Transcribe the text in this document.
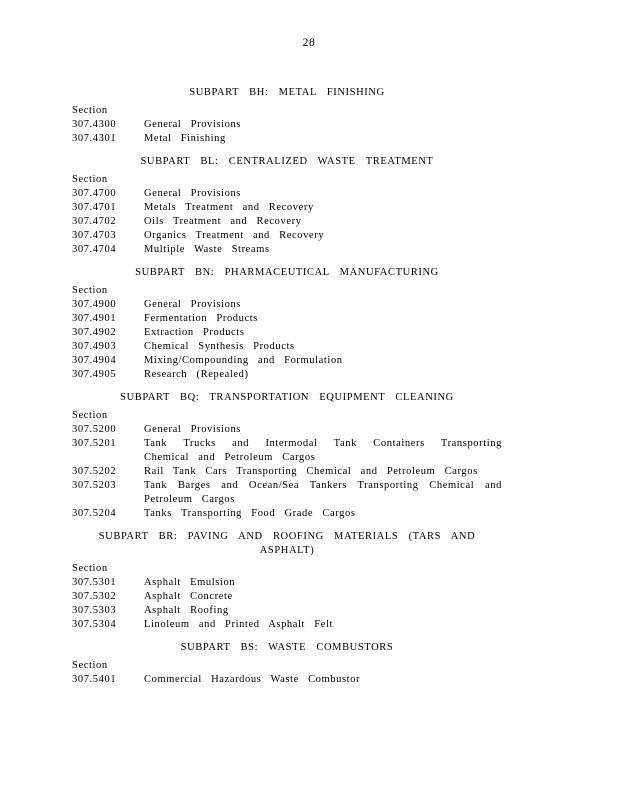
28
SUBPART BH: METAL FINISHING
Section
307.4300	General Provisions
307.4301	Metal Finishing
SUBPART BL: CENTRALIZED WASTE TREATMENT
Section
307.4700	General Provisions
307.4701	Metals Treatment and Recovery
307.4702	Oils Treatment and Recovery
307.4703	Organics Treatment and Recovery
307.4704	Multiple Waste Streams
SUBPART BN: PHARMACEUTICAL MANUFACTURING
Section
307.4900	General Provisions
307.4901	Fermentation Products
307.4902	Extraction Products
307.4903	Chemical Synthesis Products
307.4904	Mixing/Compounding and Formulation
307.4905	Research (Repealed)
SUBPART BQ: TRANSPORTATION EQUIPMENT CLEANING
Section
307.5200	General Provisions
307.5201	Tank Trucks and Intermodal Tank Containers Transporting Chemical and Petroleum Cargos
307.5202	Rail Tank Cars Transporting Chemical and Petroleum Cargos
307.5203	Tank Barges and Ocean/Sea Tankers Transporting Chemical and Petroleum Cargos
307.5204	Tanks Transporting Food Grade Cargos
SUBPART BR: PAVING AND ROOFING MATERIALS (TARS AND ASPHALT)
Section
307.5301	Asphalt Emulsion
307.5302	Asphalt Concrete
307.5303	Asphalt Roofing
307.5304	Linoleum and Printed Asphalt Felt
SUBPART BS: WASTE COMBUSTORS
Section
307.5401	Commercial Hazardous Waste Combustor
